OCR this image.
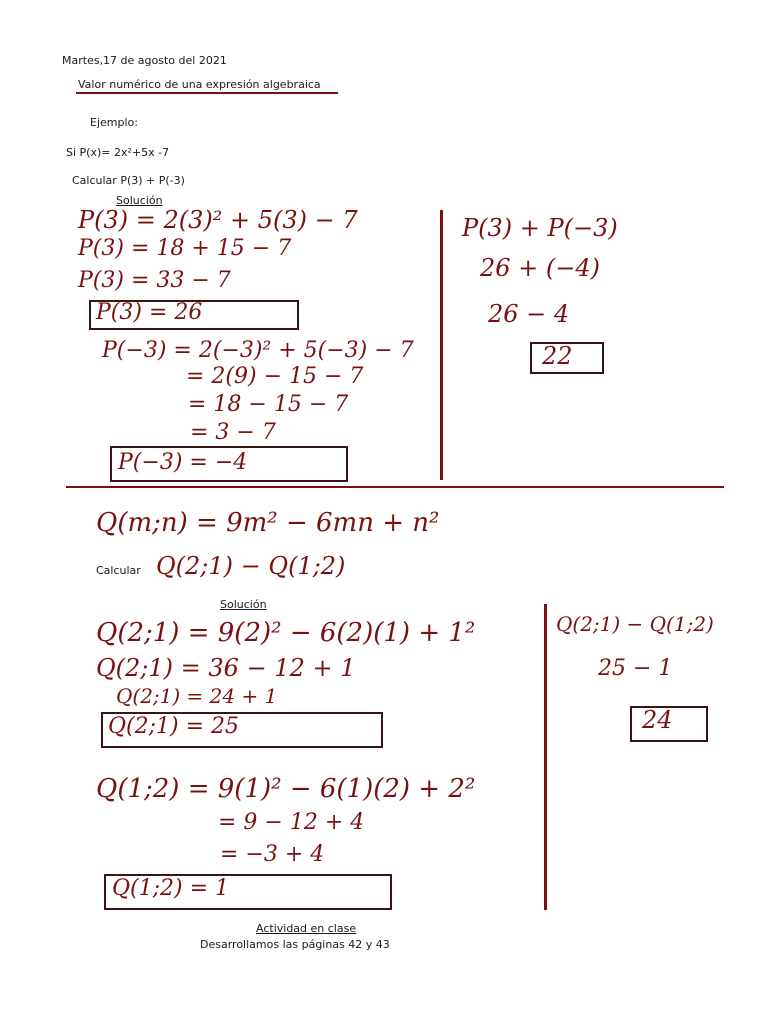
Martes,17 de agosto del 2021
Valor numérico de una expresión algebraica
Ejemplo:
Si P(x)= 2x²+5x -7
Calcular P(3) + P(-3)
Solución
P(3) = 2(3)² + 5(3) − 7
P(3) = 18 + 15 − 7
P(3) = 33 − 7
P(3) = 26
P(−3) = 2(−3)² + 5(−3) − 7
= 2(9) − 15 − 7
= 18 − 15 − 7
= 3 − 7
P(−3) = −4
P(3) + P(−3)
26 + (−4)
26 − 4
22
Q(m;n) = 9m² − 6mn + n²
Calcular Q(2;1) − Q(1;2)
Solución
Q(2;1) = 9(2)² − 6(2)(1) + 1²
Q(2;1) = 36 − 12 + 1
Q(2;1) = 24 + 1
Q(2;1) = 25
Q(1;2) = 9(1)² − 6(1)(2) + 2²
= 9 − 12 + 4
= −3 + 4
Q(1;2) = 1
Q(2;1) − Q(1;2)
25 − 1
24
Actividad en clase
Desarrollamos las páginas 42 y 43
